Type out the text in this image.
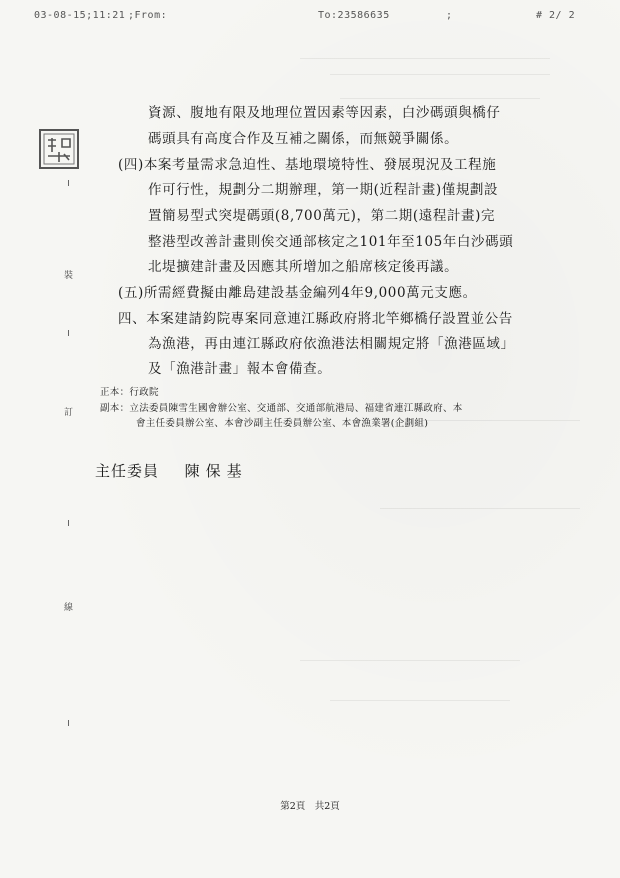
03-08-15;11:21 ;From:	To:23586635	;	# 2/ 2
裝
訂
線
資源、腹地有限及地理位置因素等因素，白沙碼頭與橋仔
碼頭具有高度合作及互補之關係，而無競爭關係。
(四)本案考量需求急迫性、基地環境特性、發展現況及工程施
作可行性，規劃分二期辦理，第一期(近程計畫)僅規劃設
置簡易型式突堤碼頭(8,700萬元)，第二期(遠程計畫)完
整港型改善計畫則俟交通部核定之101年至105年白沙碼頭
北堤擴建計畫及因應其所增加之船席核定後再議。
(五)所需經費擬由離島建設基金編列4年9,000萬元支應。
四、本案建請鈞院專案同意連江縣政府將北竿鄉橋仔設置並公告
為漁港，再由連江縣政府依漁港法相關規定將「漁港區域」
及「漁港計畫」報本會備查。
正本：行政院
副本：立法委員陳雪生國會辦公室、交通部、交通部航港局、福建省連江縣政府、本
會主任委員辦公室、本會沙副主任委員辦公室、本會漁業署(企劃組)
主任委員 陳保基
第2頁　共2頁
